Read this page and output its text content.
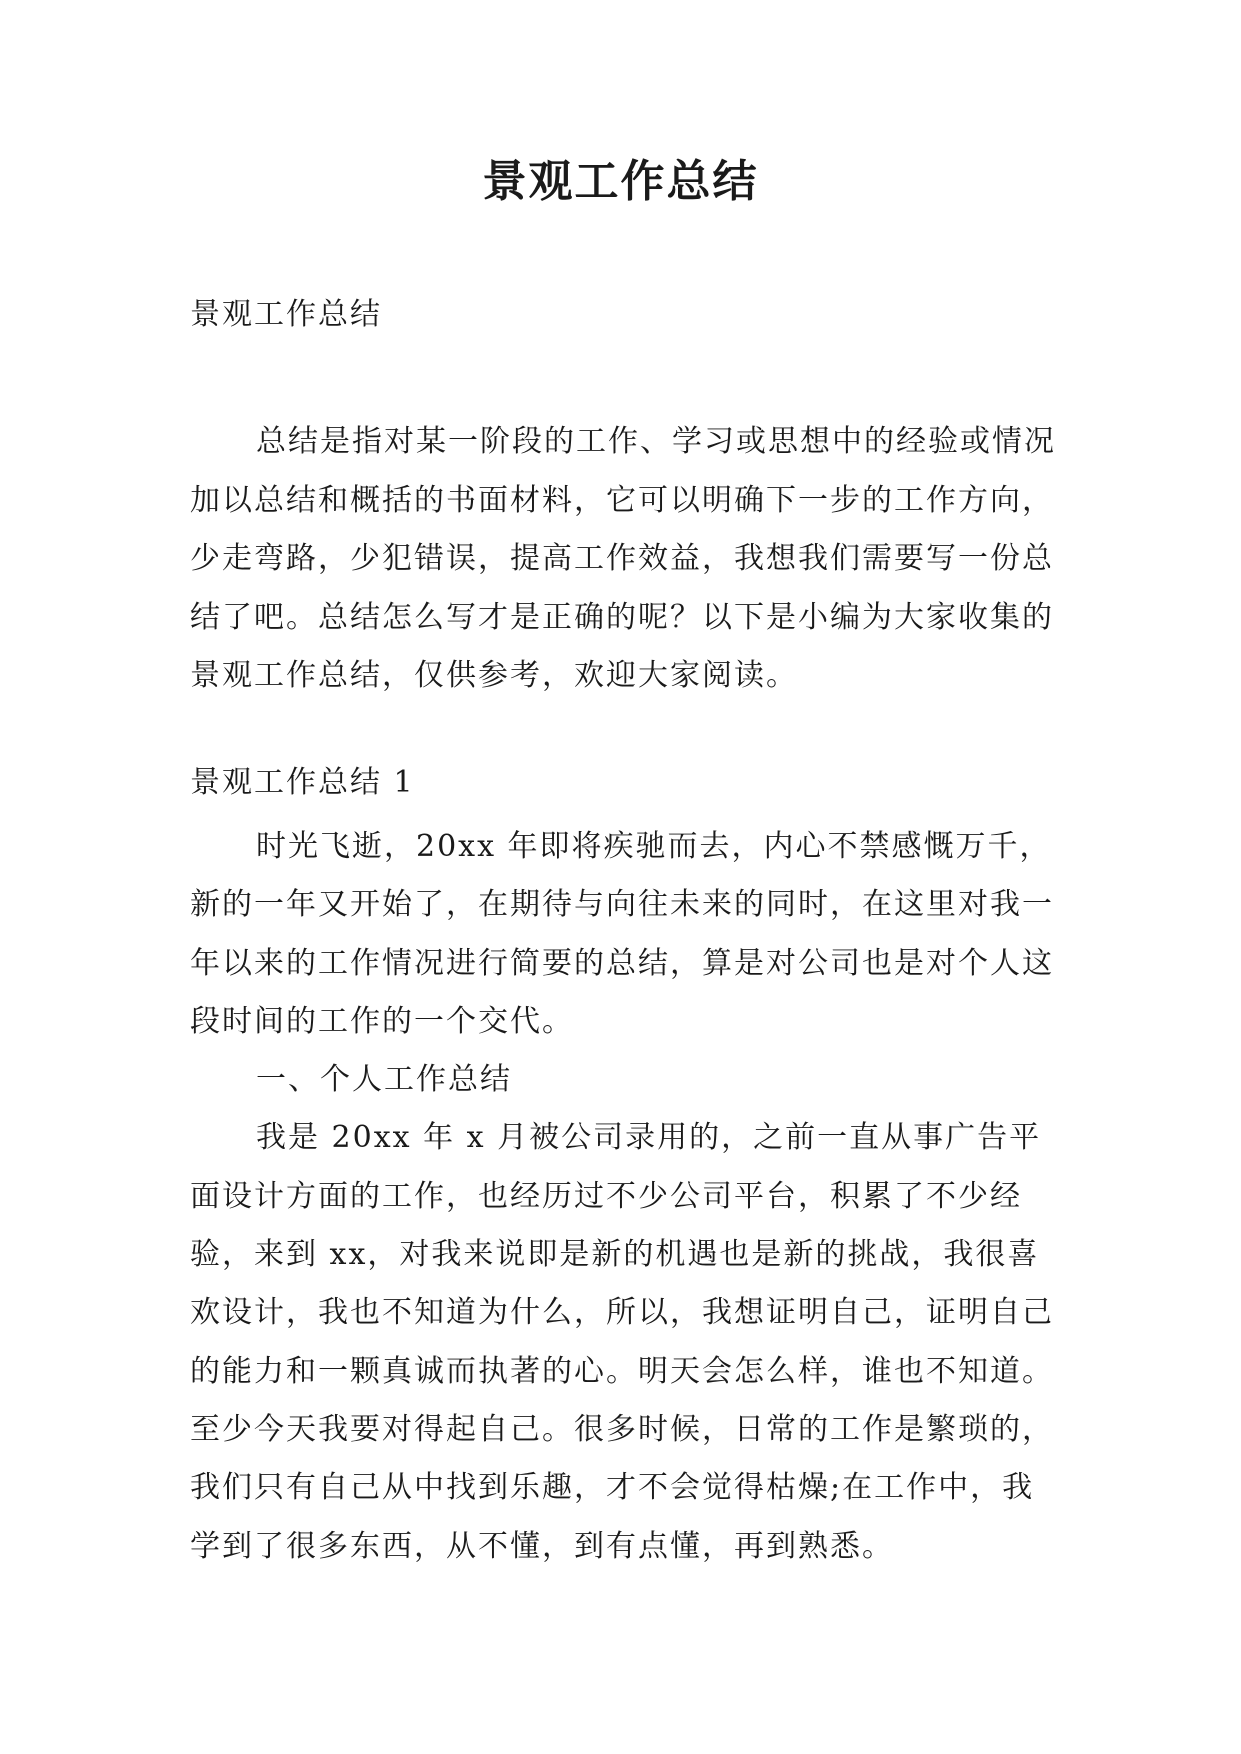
景观工作总结
景观工作总结

总结是指对某一阶段的工作、学习或思想中的经验或情况加以总结和概括的书面材料，它可以明确下一步的工作方向，少走弯路，少犯错误，提高工作效益，我想我们需要写一份总结了吧。总结怎么写才是正确的呢？以下是小编为大家收集的景观工作总结，仅供参考，欢迎大家阅读。

景观工作总结 1

时光飞逝，20xx 年即将疾驰而去，内心不禁感慨万千，新的一年又开始了，在期待与向往未来的同时，在这里对我一年以来的工作情况进行简要的总结，算是对公司也是对个人这段时间的工作的一个交代。

一、个人工作总结

我是 20xx 年 x 月被公司录用的，之前一直从事广告平面设计方面的工作，也经历过不少公司平台，积累了不少经验，来到 xx，对我来说即是新的机遇也是新的挑战，我很喜欢设计，我也不知道为什么，所以，我想证明自己，证明自己的能力和一颗真诚而执著的心。明天会怎么样，谁也不知道。至少今天我要对得起自己。很多时候，日常的工作是繁琐的，我们只有自己从中找到乐趣，才不会觉得枯燥;在工作中，我学到了很多东西，从不懂，到有点懂，再到熟悉。
